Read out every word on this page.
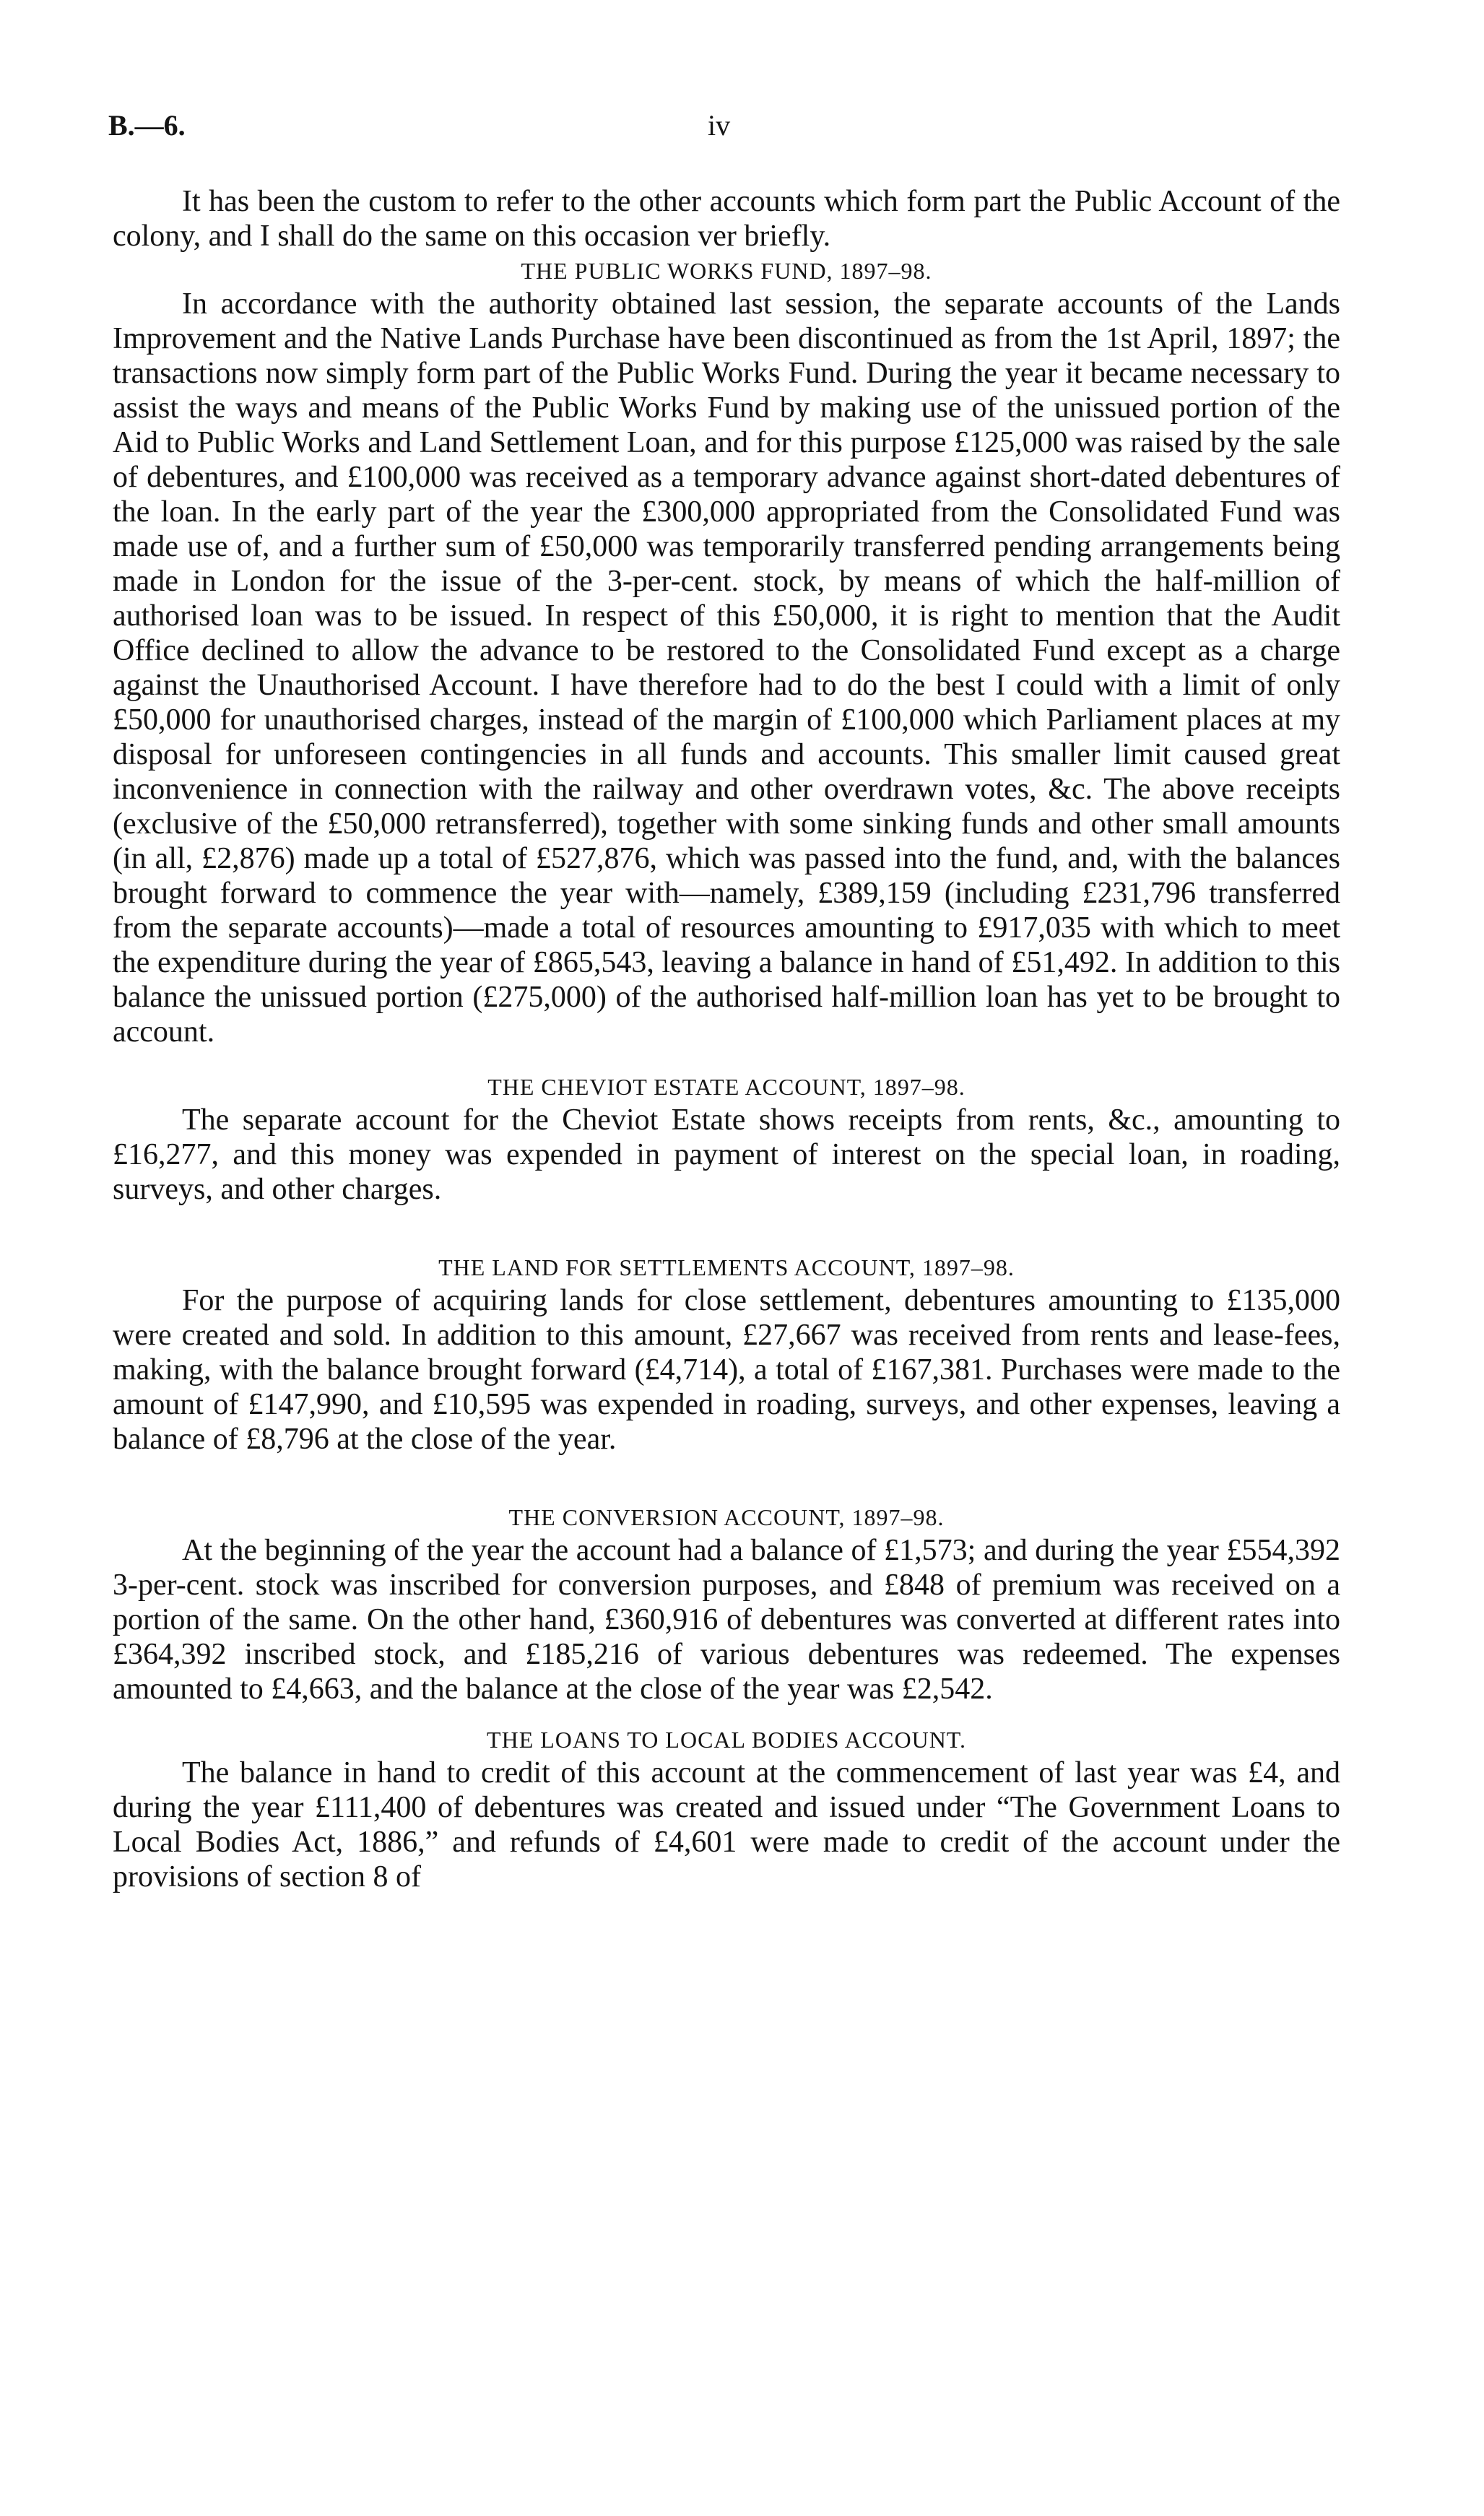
B.—6.	iv

It has been the custom to refer to the other accounts which form part the Public Account of the colony, and I shall do the same on this occasion ver briefly.

THE PUBLIC WORKS FUND, 1897–98.

In accordance with the authority obtained last session, the separate accounts of the Lands Improvement and the Native Lands Purchase have been discontinued as from the 1st April, 1897; the transactions now simply form part of the Public Works Fund. During the year it became necessary to assist the ways and means of the Public Works Fund by making use of the unissued portion of the Aid to Public Works and Land Settlement Loan, and for this purpose £125,000 was raised by the sale of debentures, and £100,000 was received as a temporary advance against short-dated debentures of the loan. In the early part of the year the £300,000 appropriated from the Consolidated Fund was made use of, and a further sum of £50,000 was temporarily transferred pending arrangements being made in London for the issue of the 3-per-cent. stock, by means of which the half-million of authorised loan was to be issued. In respect of this £50,000, it is right to mention that the Audit Office declined to allow the advance to be restored to the Consolidated Fund except as a charge against the Unauthorised Account. I have therefore had to do the best I could with a limit of only £50,000 for unauthorised charges, instead of the margin of £100,000 which Parliament places at my disposal for unforeseen contingencies in all funds and accounts. This smaller limit caused great inconvenience in connection with the railway and other overdrawn votes, &c. The above receipts (exclusive of the £50,000 retransferred), together with some sinking funds and other small amounts (in all, £2,876) made up a total of £527,876, which was passed into the fund, and, with the balances brought forward to commence the year with—namely, £389,159 (including £231,796 transferred from the separate accounts)—made a total of resources amounting to £917,035 with which to meet the expenditure during the year of £865,543, leaving a balance in hand of £51,492. In addition to this balance the unissued portion (£275,000) of the authorised half-million loan has yet to be brought to account.

THE CHEVIOT ESTATE ACCOUNT, 1897–98.

The separate account for the Cheviot Estate shows receipts from rents, &c., amounting to £16,277, and this money was expended in payment of interest on the special loan, in roading, surveys, and other charges.

THE LAND FOR SETTLEMENTS ACCOUNT, 1897–98.

For the purpose of acquiring lands for close settlement, debentures amounting to £135,000 were created and sold. In addition to this amount, £27,667 was received from rents and lease-fees, making, with the balance brought forward (£4,714), a total of £167,381. Purchases were made to the amount of £147,990, and £10,595 was expended in roading, surveys, and other expenses, leaving a balance of £8,796 at the close of the year.

THE CONVERSION ACCOUNT, 1897–98.

At the beginning of the year the account had a balance of £1,573; and during the year £554,392 3-per-cent. stock was inscribed for conversion purposes, and £848 of premium was received on a portion of the same. On the other hand, £360,916 of debentures was converted at different rates into £364,392 inscribed stock, and £185,216 of various debentures was redeemed. The expenses amounted to £4,663, and the balance at the close of the year was £2,542.

THE LOANS TO LOCAL BODIES ACCOUNT.

The balance in hand to credit of this account at the commencement of last year was £4, and during the year £111,400 of debentures was created and issued under “The Government Loans to Local Bodies Act, 1886,” and refunds of £4,601 were made to credit of the account under the provisions of section 8 of
